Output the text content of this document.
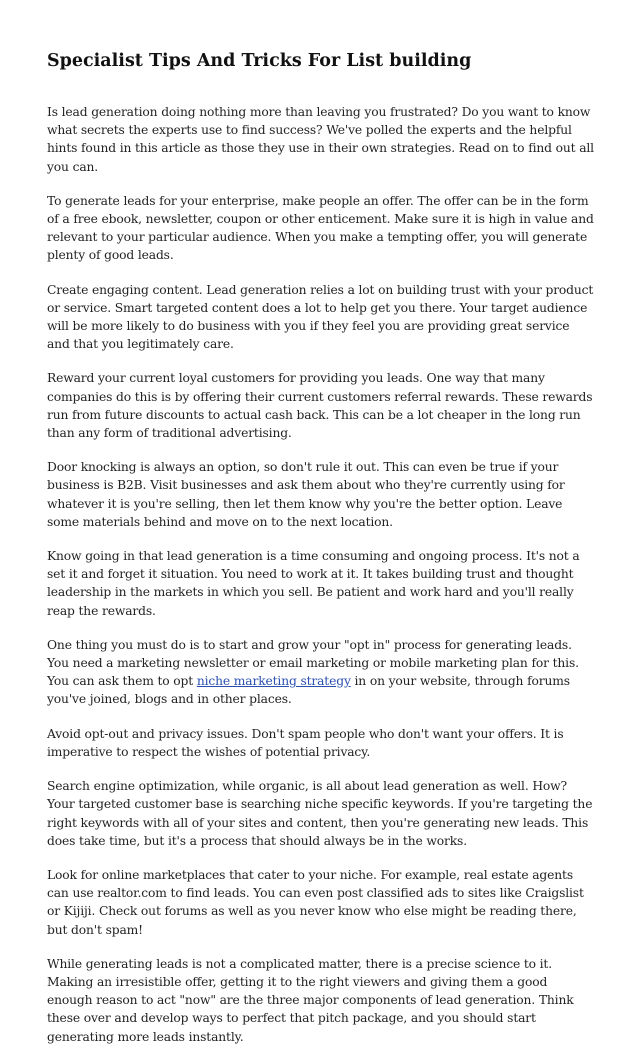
Specialist Tips And Tricks For List building

Is lead generation doing nothing more than leaving you frustrated? Do you want to know what secrets the experts use to find success? We've polled the experts and the helpful hints found in this article as those they use in their own strategies. Read on to find out all you can.

To generate leads for your enterprise, make people an offer. The offer can be in the form of a free ebook, newsletter, coupon or other enticement. Make sure it is high in value and relevant to your particular audience. When you make a tempting offer, you will generate plenty of good leads.

Create engaging content. Lead generation relies a lot on building trust with your product or service. Smart targeted content does a lot to help get you there. Your target audience will be more likely to do business with you if they feel you are providing great service and that you legitimately care.

Reward your current loyal customers for providing you leads. One way that many companies do this is by offering their current customers referral rewards. These rewards run from future discounts to actual cash back. This can be a lot cheaper in the long run than any form of traditional advertising.

Door knocking is always an option, so don't rule it out. This can even be true if your business is B2B. Visit businesses and ask them about who they're currently using for whatever it is you're selling, then let them know why you're the better option. Leave some materials behind and move on to the next location.

Know going in that lead generation is a time consuming and ongoing process. It's not a set it and forget it situation. You need to work at it. It takes building trust and thought leadership in the markets in which you sell. Be patient and work hard and you'll really reap the rewards.

One thing you must do is to start and grow your "opt in" process for generating leads. You need a marketing newsletter or email marketing or mobile marketing plan for this. You can ask them to opt niche marketing strategy in on your website, through forums you've joined, blogs and in other places.

Avoid opt-out and privacy issues. Don't spam people who don't want your offers. It is imperative to respect the wishes of potential privacy.

Search engine optimization, while organic, is all about lead generation as well. How? Your targeted customer base is searching niche specific keywords. If you're targeting the right keywords with all of your sites and content, then you're generating new leads. This does take time, but it's a process that should always be in the works.

Look for online marketplaces that cater to your niche. For example, real estate agents can use realtor.com to find leads. You can even post classified ads to sites like Craigslist or Kijiji. Check out forums as well as you never know who else might be reading there, but don't spam!

While generating leads is not a complicated matter, there is a precise science to it. Making an irresistible offer, getting it to the right viewers and giving them a good enough reason to act "now" are the three major components of lead generation. Think these over and develop ways to perfect that pitch package, and you should start generating more leads instantly.
